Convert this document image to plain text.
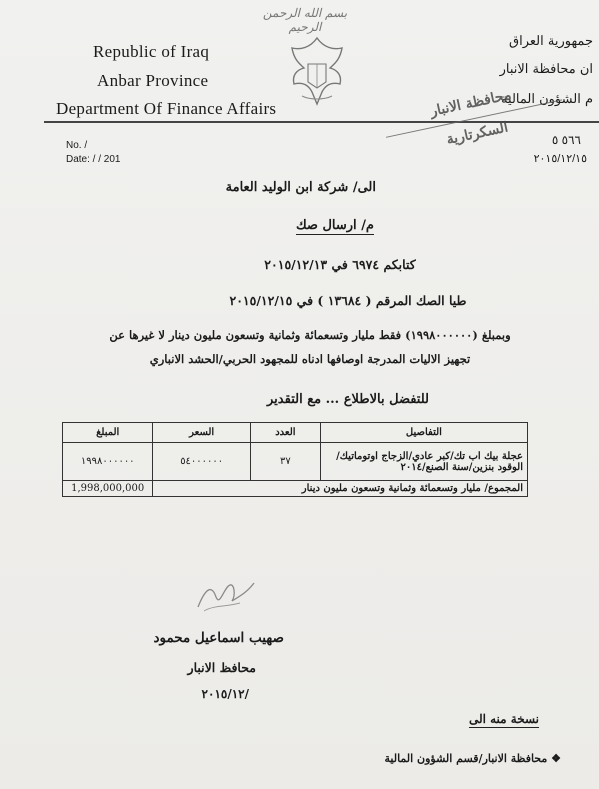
بسم الله الرحمن الرحيم
Republic of Iraq
Anbar Province
Department Of Finance Affairs
جمهورية العراق
ان محافظة الانبار
م الشؤون المالية
محافظة الانبار
السكرتارية
No. /
Date: / / 201
٥٦٦ ٥
٢٠١٥/١٢/١٥
الى/ شركة ابن الوليد العامة
م/ ارسال صك
كتابكم ٦٩٧٤ في ٢٠١٥/١٢/١٣
طيا الصك المرقم ( ١٣٦٨٤ ) في ٢٠١٥/١٢/١٥
وبمبلغ (١٩٩٨٠٠٠٠٠٠) فقط مليار وتسعمائة وثمانية وتسعون مليون دينار لا غيرها عن
تجهيز الاليات المدرجة اوصافها ادناه للمجهود الحربي/الحشد الانباري
للتفضل بالاطلاع ... مع التقدير
التفاصيل	العدد	السعر	المبلغ
عجلة بيك اب تك/كبر عادي/الزجاج اوتوماتيك/الوقود بنزين/سنة الصنع/٢٠١٤	٣٧	٥٤٠٠٠٠٠٠	١٩٩٨٠٠٠٠٠٠
المجموع/ مليار وتسعمائة وثمانية وتسعون مليون دينار			1,998,000,000
صهيب اسماعيل محمود
محافظ الانبار
٢٠١٥/١٢/
نسخة منه الى
❖ محافظة الانبار/قسم الشؤون المالية
